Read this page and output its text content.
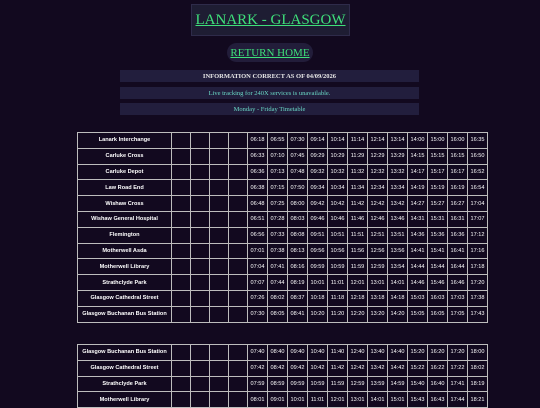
LANARK - GLASGOW
RETURN HOME
INFORMATION CORRECT AS OF 04/09/2026
Live tracking for 240X services is unavailable.
Monday - Friday Timetable
Lanark Interchange					06:18	06:55	07:30	09:14	10:14	11:14	12:14	13:14	14:00	15:00	16:00	16:35
Carluke Cross					06:33	07:10	07:45	09:29	10:29	11:29	12:29	13:29	14:15	15:15	16:15	16:50
Carluke Depot					06:36	07:13	07:48	09:32	10:32	11:32	12:32	13:32	14:17	15:17	16:17	16:52
Law Road End					06:38	07:15	07:50	09:34	10:34	11:34	12:34	13:34	14:19	15:19	16:19	16:54
Wishaw Cross					06:48	07:25	08:00	09:42	10:42	11:42	12:42	13:42	14:27	15:27	16:27	17:04
Wishaw General Hospital					06:51	07:28	08:03	09:46	10:46	11:46	12:46	13:46	14:31	15:31	16:31	17:07
Flemington					06:56	07:33	08:08	09:51	10:51	11:51	12:51	13:51	14:36	15:36	16:36	17:12
Motherwell Asda					07:01	07:38	08:13	09:56	10:56	11:56	12:56	13:56	14:41	15:41	16:41	17:16
Motherwell Library					07:04	07:41	08:16	09:59	10:59	11:59	12:59	13:54	14:44	15:44	16:44	17:18
Strathclyde Park					07:07	07:44	08:19	10:01	11:01	12:01	13:01	14:01	14:46	15:46	16:46	17:20
Glasgow Cathedral Street					07:26	08:02	08:37	10:18	11:18	12:18	13:18	14:18	15:03	16:03	17:03	17:38
Glasgow Buchanan Bus Station					07:30	08:05	08:41	10:20	11:20	12:20	13:20	14:20	15:05	16:05	17:05	17:43
Glasgow Buchanan Bus Station					07:40	08:40	09:40	10:40	11:40	12:40	13:40	14:40	15:20	16:20	17:20	18:00
Glasgow Cathedral Street					07:42	08:42	09:42	10:42	11:42	12:42	13:42	14:42	15:22	16:22	17:22	18:02
Strathclyde Park					07:59	08:59	09:59	10:59	11:59	12:59	13:59	14:59	15:40	16:40	17:41	18:19
Motherwell Library					08:01	09:01	10:01	11:01	12:01	13:01	14:01	15:01	15:43	16:43	17:44	18:21
